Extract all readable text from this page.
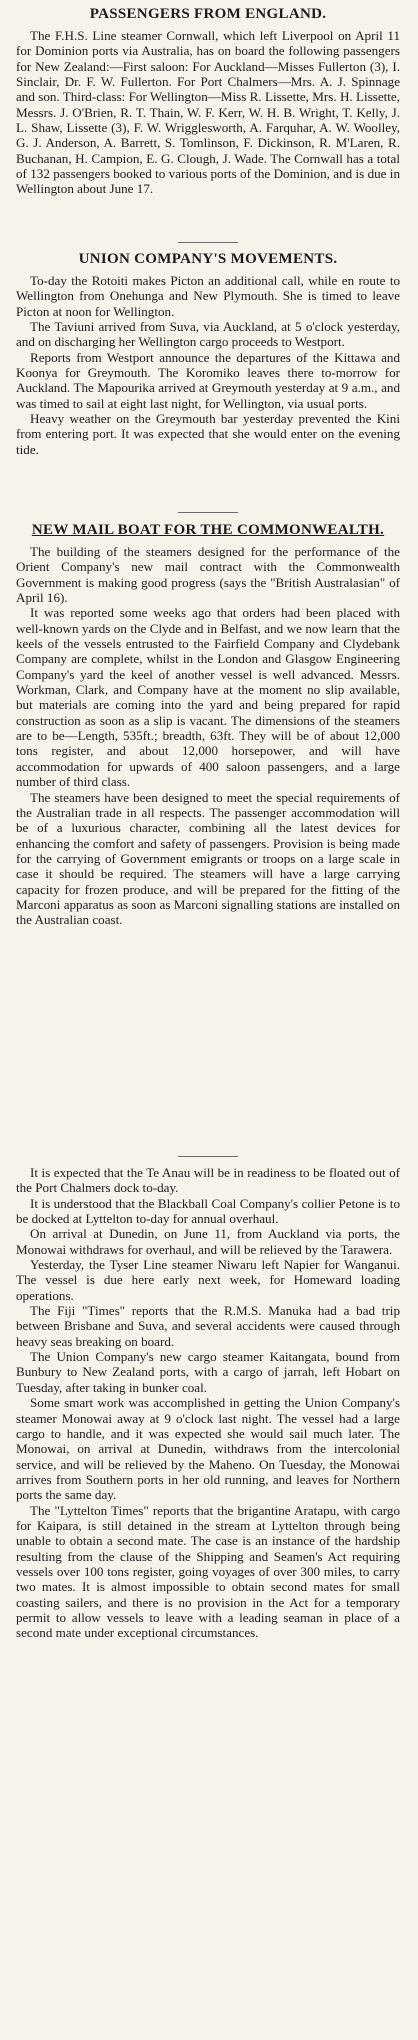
PASSENGERS FROM ENGLAND.

The F.H.S. Line steamer Cornwall, which left Liverpool on April 11 for Dominion ports via Australia, has on board the following passengers for New Zealand:—First saloon: For Auckland—Misses Fullerton (3), I. Sinclair, Dr. F. W. Fullerton. For Port Chalmers—Mrs. A. J. Spinnage and son. Third-class: For Wellington—Miss R. Lissette, Mrs. H. Lissette, Messrs. J. O'Brien, R. T. Thain, W. F. Kerr, W. H. B. Wright, T. Kelly, J. L. Shaw, Lissette (3), F. W. Wrigglesworth, A. Farquhar, A. W. Woolley, G. J. Anderson, A. Barrett, S. Tomlinson, F. Dickinson, R. M'Laren, R. Buchanan, H. Campion, E. G. Clough, J. Wade. The Cornwall has a total of 132 passengers booked to various ports of the Dominion, and is due in Wellington about June 17.

UNION COMPANY'S MOVEMENTS.

To-day the Rotoiti makes Picton an additional call, while en route to Wellington from Onehunga and New Plymouth. She is timed to leave Picton at noon for Wellington.

The Taviuni arrived from Suva, via Auckland, at 5 o'clock yesterday, and on discharging her Wellington cargo proceeds to Westport.

Reports from Westport announce the departures of the Kittawa and Koonya for Greymouth. The Koromiko leaves there to-morrow for Auckland. The Mapourika arrived at Greymouth yesterday at 9 a.m., and was timed to sail at eight last night, for Wellington, via usual ports.

Heavy weather on the Greymouth bar yesterday prevented the Kini from entering port. It was expected that she would enter on the evening tide.

NEW MAIL BOAT FOR THE COMMONWEALTH.

The building of the steamers designed for the performance of the Orient Company's new mail contract with the Commonwealth Government is making good progress (says the "British Australasian" of April 16).

It was reported some weeks ago that orders had been placed with well-known yards on the Clyde and in Belfast, and we now learn that the keels of the vessels entrusted to the Fairfield Company and Clydebank Company are complete, whilst in the London and Glasgow Engineering Company's yard the keel of another vessel is well advanced. Messrs. Workman, Clark, and Company have at the moment no slip available, but materials are coming into the yard and being prepared for rapid construction as soon as a slip is vacant. The dimensions of the steamers are to be—Length, 535ft.; breadth, 63ft. They will be of about 12,000 tons register, and about 12,000 horsepower, and will have accommodation for upwards of 400 saloon passengers, and a large number of third class.

The steamers have been designed to meet the special requirements of the Australian trade in all respects. The passenger accommodation will be of a luxurious character, combining all the latest devices for enhancing the comfort and safety of passengers. Provision is being made for the carrying of Government emigrants or troops on a large scale in case it should be required. The steamers will have a large carrying capacity for frozen produce, and will be prepared for the fitting of the Marconi apparatus as soon as Marconi signalling stations are installed on the Australian coast.

It is expected that the Te Anau will be in readiness to be floated out of the Port Chalmers dock to-day.

It is understood that the Blackball Coal Company's collier Petone is to be docked at Lyttelton to-day for annual overhaul.

On arrival at Dunedin, on June 11, from Auckland via ports, the Monowai withdraws for overhaul, and will be relieved by the Tarawera.

Yesterday, the Tyser Line steamer Niwaru left Napier for Wanganui. The vessel is due here early next week, for Homeward loading operations.

The Fiji "Times" reports that the R.M.S. Manuka had a bad trip between Brisbane and Suva, and several accidents were caused through heavy seas breaking on board.

The Union Company's new cargo steamer Kaitangata, bound from Bunbury to New Zealand ports, with a cargo of jarrah, left Hobart on Tuesday, after taking in bunker coal.

Some smart work was accomplished in getting the Union Company's steamer Monowai away at 9 o'clock last night. The vessel had a large cargo to handle, and it was expected she would sail much later. The Monowai, on arrival at Dunedin, withdraws from the intercolonial service, and will be relieved by the Maheno. On Tuesday, the Monowai arrives from Southern ports in her old running, and leaves for Northern ports the same day.

The "Lyttelton Times" reports that the brigantine Aratapu, with cargo for Kaipara, is still detained in the stream at Lyttelton through being unable to obtain a second mate. The case is an instance of the hardship resulting from the clause of the Shipping and Seamen's Act requiring vessels over 100 tons register, going voyages of over 300 miles, to carry two mates. It is almost impossible to obtain second mates for small coasting sailers, and there is no provision in the Act for a temporary permit to allow vessels to leave with a leading seaman in place of a second mate under exceptional circumstances.
